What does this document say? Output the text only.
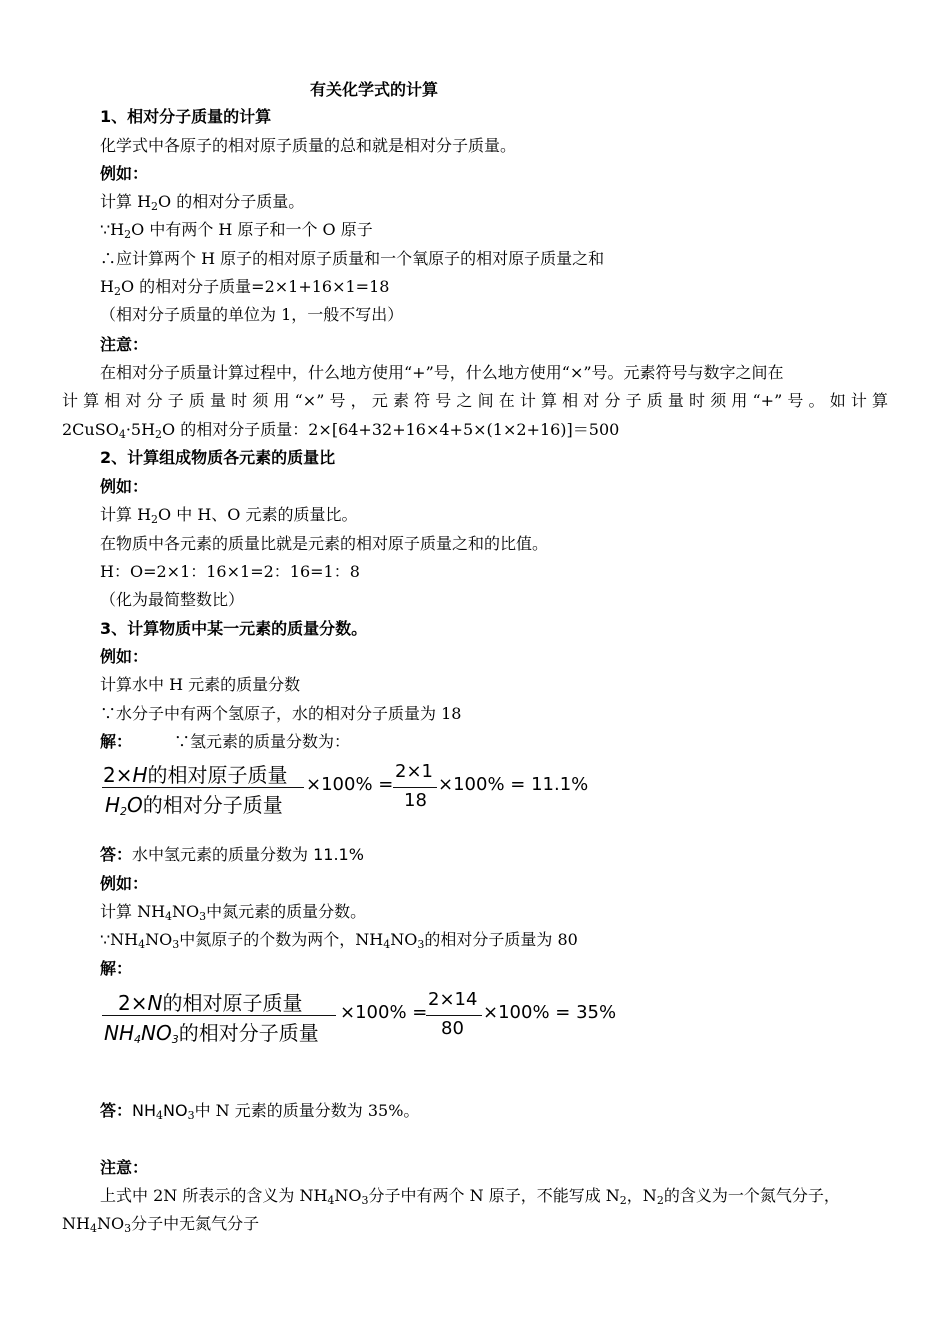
有关化学式的计算
1、相对分子质量的计算
化学式中各原子的相对原子质量的总和就是相对分子质量。
例如：
计算 $H_2O$ 的相对分子质量。
$\because H_2O$ 中有两个 H 原子和一个 O 原子
∴应计算两个 H 原子的相对原子质量和一个氧原子的相对原子质量之和
$H_2O$ 的相对分子质量=2×1+16×1=18
（相对分子质量的单位为 1，一般不写出）
注意：
在相对分子质量计算过程中，什么地方使用“+”号，什么地方使用“×”号。元素符号与数字之间在
计算相对分子质量时须用“×”号，元素符号之间在计算相对分子质量时须用“+”号。如计算
$2CuSO_4\cdot 5H_2O$ 的相对分子质量：2×[64+32+16×4+5×(1×2+16)]＝500
2、计算组成物质各元素的质量比
例如：
计算 $H_2O$ 中 H、O 元素的质量比。
在物质中各元素的质量比就是元素的相对原子质量之和的比值。
H：O=2×1：16×1=2：16=1：8
（化为最简整数比）
3、计算物质中某一元素的质量分数。
例如：
计算水中 H 元素的质量分数
∵水分子中有两个氢原子，水的相对分子质量为 18
解：	∵氢元素的质量分数为：
2×H的相对原子质量
$H_2O$的相对分子质量
×100% =
2×1
18
×100% = 11.1%
答：水中氢元素的质量分数为 11.1%
例如：
计算 $NH_4NO_3$中氮元素的质量分数。
$\because NH_4NO_3$中氮原子的个数为两个，$NH_4NO_3$的相对分子质量为 80
解：
2×N的相对原子质量
$NH_4NO_3$的相对分子质量
×100% =
2×14
80
×100% = 35%
答：$NH_4NO_3$中 N 元素的质量分数为 35%。
注意：
上式中 2N 所表示的含义为 $NH_4NO_3$分子中有两个 N 原子，不能写成 $N_2$，$N_2$的含义为一个氮气分子，
$NH_4NO_3$分子中无氮气分子
